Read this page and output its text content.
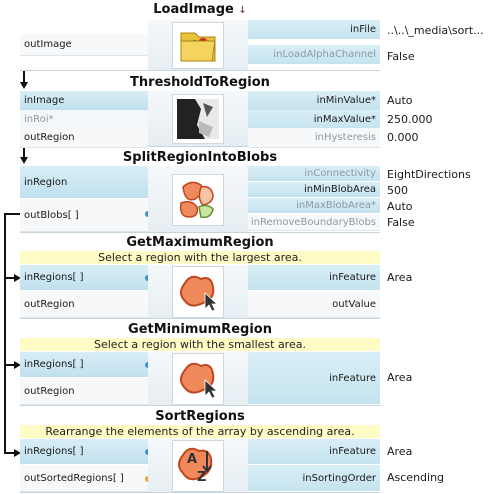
LoadImage ↓
outImage
inFile
inLoadAlphaChannel
..\..\_media\sort...
False
ThresholdToRegion
inImage
inRoi*
outRegion
inMinValue*
inMaxValue*
inHysteresis
Auto
250.000
0.000
SplitRegionIntoBlobs
inRegion
outBlobs[ ]
inConnectivity
inMinBlobArea
inMaxBlobArea*
inRemoveBoundaryBlobs
EightDirections
500
Auto
False
GetMaximumRegion
Select a region with the largest area.
inRegions[ ]
outRegion
inFeature
outValue
Area
GetMinimumRegion
Select a region with the smallest area.
inRegions[ ]
outRegion
inFeature	Area
SortRegions
Rearrange the elements of the array by ascending area.
inRegions[ ]
outSortedRegions[ ]
A
Z
inFeature
inSortingOrder
Area
Ascending
